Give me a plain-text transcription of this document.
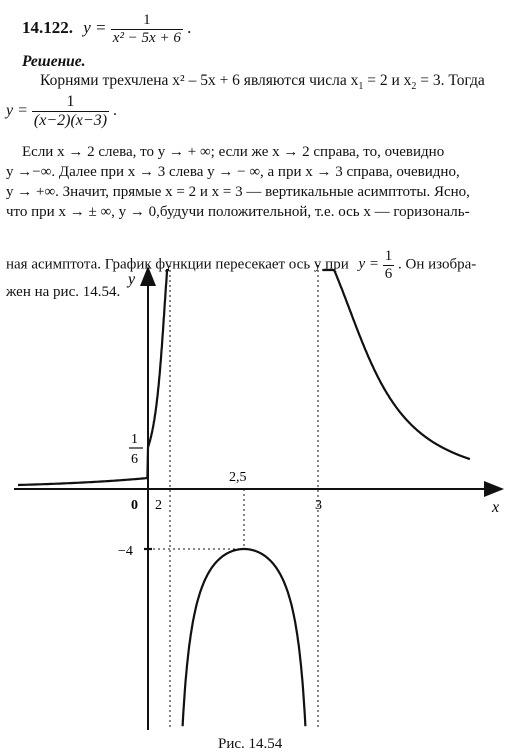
14.122. $y = \frac{1}{\text{x² − 5x + 6}}$ .
Решение.
Корнями трехчлена x² – 5x + 6 являются числа $x_1 = 2$ и $x_2 = 3$. Тогда
$y = \frac{1}{(x-2)(x-3)}$ .
Если x → 2 слева, то y → + ∞; если же x → 2 справа, то, очевидно
y →−∞. Далее при x → 3 слева y → − ∞, а при x → 3 справа, очевидно,
y → +∞. Значит, прямые x = 2 и x = 3 — вертикальные асимптоты. Ясно,
что при x → ± ∞, y → 0,будучи положительной, т.е. ось x — горизональ-
ная асимптота. График функции пересекает ось y при $y = \frac{1}{6}$ . Он изобра-
жен на рис. 14.54.
y
x
0 2	3
2,5
−4
1
6
Рис. 14.54
